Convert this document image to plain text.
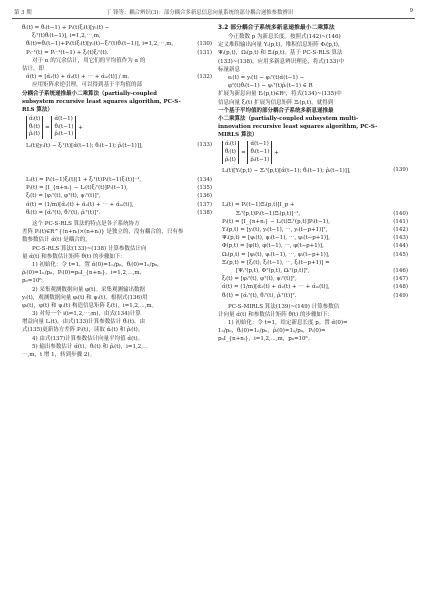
第 3 期	丁 锋等：耦合辨识(3)：部分耦合多新息信息向量系统的部分耦合递推参数辨识	9
θ̂ᵢ(t) = θ̂ᵢ(t−1) + Pᵢ(t)ξᵢ(t)[yᵢ(t) −
ξᵢᵀ(t)θ̂ᵢ(t−1)], i=1,2,⋯,m,
θ̂ᵢ(t)=θ̂ᵢ(t−1)+Pᵢ(t)ξᵢ(t)[yᵢ(t)−ξᵢᵀ(t)θ̂ᵢ(t−1)], i=1,2,⋯,m,	(130)
Pᵢ⁻¹(t) = Pᵢ⁻¹(t−1) + ξᵢ(t)ξᵢᵀ(t).	(131)
对于 α 的冗余估计，用它们的平均值作为 α 的
估计，即
α̂(t) = [α̂₁(t) + α̂₂(t) + ⋯ + α̂ₘ(t)] / m.	(132)
应用矩阵求逆引理，可以得到基于平均值的部
分耦合子系统递推最小二乘算法（partially-coupled
subsystem recursive least squares algorithm, PC-S-
RLS 算法）
α̂ᵢ(t)
θ̂ᵢ(t)
ρ̂ᵢ(t)
=
α̂(t−1)
θ̂ᵢ(t−1)
ρ̂ᵢ(t−1)
+
Lᵢ(t)[yᵢ(t) − ξᵢᵀ(t)[α̂(t−1); θ̂ᵢ(t−1); ρ̂ᵢ(t−1)]],	(133)
Lᵢ(t) = Pᵢ(t−1)ξᵢ(t)[1 + ξᵢᵀ(t)Pᵢ(t−1)ξᵢ(t)]⁻¹,	(134)
Pᵢ(t) = [I_{n+nᵢ} − Lᵢ(t)ξᵢᵀ(t)]Pᵢ(t−1),	(135)
ξᵢ(t) = [φᵢᵀ(t), φᵀ(t), ψᵢᵀ(t)]ᵀ,	(136)
α̂(t) = (1/m)[α̂₁(t) + α̂₂(t) + ⋯ + α̂ₘ(t)],	(137)
θ̂ᵢ(t) = [α̂ᵢᵀ(t), θ̂ᵢᵀ(t), ρ̂ᵢᵀ(t)]ᵀ.	(138)
这个 PC-S-RLS 算法的特点是各子系统协方
差阵 Pᵢ(t)∈R^{(n+nᵢ)×(n+nᵢ)} 是独立的，没有耦合的，只有参
数参数估计 α̂(t) 是耦合的。
PC-S-RLS 算法(133)~(138) 计算参数估计向
量 α̂(t) 和参数估计矩阵 θ̂(t) 的步骤如下：
1) 初始化：令 t=1，置 α̂(0)=1ₙ/p₀，θ̂ᵢ(0)=1ₙ/p₀，
ρ̂ᵢ(0)=1ₙ/p₀，Pᵢ(0)=p₀I_{n+nᵢ}，i=1,2,⋯,m，
p₀=10⁶。
2) 采集观测数据向量 φ(t)。采集观测输出数据
yᵢ(t)，观测数据向量 φᵢ(t) 和 ψᵢ(t)，根据式(136)用
φᵢ(t)，φ(t) 和 ψᵢ(t) 构造信息矩阵 ξᵢ(t)，i=1,2,⋯,m。
3) 对每一个 i(i=1,2,⋯,m)，由式(134)计算
增益向量 Lᵢ(t)，由式(133)计算参数估计 θ̂ᵢ(t)，由
式(135)更新协方差阵 Pᵢ(t)，读取 α̂ᵢ(t) 和 ρ̂ᵢ(t)。
4) 由式(137)计算参数估计向量平均值 α̂(t)。
5) 输出参数估计 α̂(t)，θ̂ᵢ(t) 和 ρ̂ᵢ(t)，i=1,2,⋯
⋯,m，t 增 1，转到步骤 2)。
3.2 部分耦合子系统多新息递推最小二乘算法
今正数数 p 为新息长度。按照式(142)~(146)
定义堆积输出向量 Yᵢ(p,t)，堆积信息矩阵 Φᵢ(p,t)，
Ψᵢ(p,t)，Ωᵢ(p,t) 和 Ξᵢ(p,t)。基于 PC-S-RLS 算法
(133)~(138)，应用多新息辨识理论，将式(133)中
标量新息
eᵢ(t) = yᵢ(t) − φᵢᵀ(t)α̂(t−1) −
φᵀ(t)θ̂ᵢ(t−1) − ψᵢᵀ(t)ρ̂ᵢ(t−1) ∈ R
扩展为新息向量 Eᵢ(p,t)∈Rᵖ，将式(134)~(135)中
信息向量 ξᵢ(t) 扩展为信息矩阵 Ξᵢ(p,t)，就得到
一个基于平均值的部分耦合子系统多新息递推最
小二乘算法（partially-coupled subsystem multi-
innovation recursive least squares algorithm, PC-S-
MIRLS 算法）
α̂ᵢ(t)
θ̂ᵢ(t)
ρ̂ᵢ(t)
=
α̂(t−1)
θ̂ᵢ(t−1)
ρ̂ᵢ(t−1)
+
Lᵢ(t)[Yᵢ(p,t) − Ξᵢᵀ(p,t)[α̂(t−1); θ̂ᵢ(t−1); ρ̂ᵢ(t−1)]],	(139)
Lᵢ(t) = Pᵢ(t−1)Ξᵢ(p,t)[I_p +
Ξᵢᵀ(p,t)Pᵢ(t−1)Ξᵢ(p,t)]⁻¹,	(140)
Pᵢ(t) = [I_{n+nᵢ} − Lᵢ(t)Ξᵢᵀ(p,t)]Pᵢ(t−1),	(141)
Yᵢ(p,t) = [yᵢ(t), yᵢ(t−1), ⋯, yᵢ(t−p+1)]ᵀ,	(142)
Ψᵢ(p,t) = [ψᵢ(t), ψᵢ(t−1), ⋯, ψᵢ(t−p+1)],	(143)
Φ(p,t) = [φ(t), φ(t−1), ⋯, φ(t−p+1)],	(144)
Ωᵢ(p,t) = [ψᵢ(t), ψᵢ(t−1), ⋯, ψᵢ(t−p+1)],	(145)
Ξᵢ(p,t) = [ξᵢ(t), ξᵢ(t−1), ⋯, ξᵢ(t−p+1)] =
[Ψᵢᵀ(p,t), Φᵀ(p,t), Ωᵢᵀ(p,t)]ᵀ,	(146)
ξᵢ(t) = [φᵢᵀ(t), φᵀ(t), ψᵢᵀ(t)]ᵀ,	(147)
α̂(t) = (1/m)[α̂₁(t) + α̂₂(t) + ⋯ + α̂ₘ(t)],	(148)
θ̂ᵢ(t) = [α̂ᵢᵀ(t), θ̂ᵢᵀ(t), ρ̂ᵢᵀ(t)]ᵀ.	(149)
PC-S-MIRLS 算法(139)~(149) 计算参数估
计向量 α̂(t) 和参数估计矩阵 θ̂(t) 的步骤如下：
1) 初始化：令 t=1，给定新息长度 p。置 α̂(0)=
1ₙ/p₀，θ̂ᵢ(0)=1ₙ/p₀，ρ̂ᵢ(0)=1ₙ/p₀，Pᵢ(0)=
p₀I_{n+nᵢ}，i=1,2,⋯,m，p₀=10⁶。
